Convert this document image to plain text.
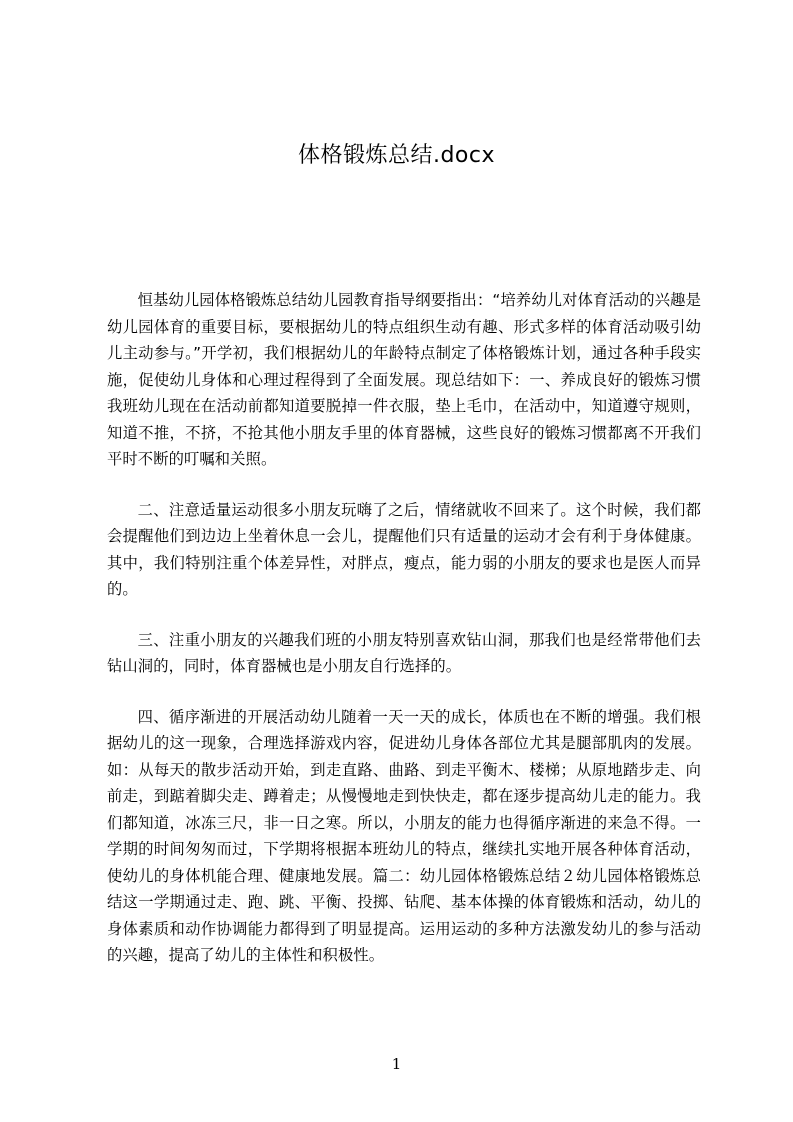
体格锻炼总结.docx

恒基幼儿园体格锻炼总结幼儿园教育指导纲要指出：“培养幼儿对体育活动的兴趣是幼儿园体育的重要目标，要根据幼儿的特点组织生动有趣、形式多样的体育活动吸引幼儿主动参与。”开学初，我们根据幼儿的年龄特点制定了体格锻炼计划，通过各种手段实施，促使幼儿身体和心理过程得到了全面发展。现总结如下：一、养成良好的锻炼习惯我班幼儿现在在活动前都知道要脱掉一件衣服，垫上毛巾，在活动中，知道遵守规则，知道不推，不挤，不抢其他小朋友手里的体育器械，这些良好的锻炼习惯都离不开我们平时不断的叮嘱和关照。

二、注意适量运动很多小朋友玩嗨了之后，情绪就收不回来了。这个时候，我们都会提醒他们到边边上坐着休息一会儿，提醒他们只有适量的运动才会有利于身体健康。其中，我们特别注重个体差异性，对胖点，瘦点，能力弱的小朋友的要求也是医人而异的。

三、注重小朋友的兴趣我们班的小朋友特别喜欢钻山洞，那我们也是经常带他们去钻山洞的，同时，体育器械也是小朋友自行选择的。

四、循序渐进的开展活动幼儿随着一天一天的成长，体质也在不断的增强。我们根据幼儿的这一现象，合理选择游戏内容，促进幼儿身体各部位尤其是腿部肌肉的发展。如：从每天的散步活动开始，到走直路、曲路、到走平衡木、楼梯；从原地踏步走、向前走，到踮着脚尖走、蹲着走；从慢慢地走到快快走，都在逐步提高幼儿走的能力。我们都知道，冰冻三尺，非一日之寒。所以，小朋友的能力也得循序渐进的来急不得。一学期的时间匆匆而过，下学期将根据本班幼儿的特点，继续扎实地开展各种体育活动，使幼儿的身体机能合理、健康地发展。篇二：幼儿园体格锻炼总结２幼儿园体格锻炼总结这一学期通过走、跑、跳、平衡、投掷、钻爬、基本体操的体育锻炼和活动，幼儿的身体素质和动作协调能力都得到了明显提高。运用运动的多种方法激发幼儿的参与活动的兴趣，提高了幼儿的主体性和积极性。

1
